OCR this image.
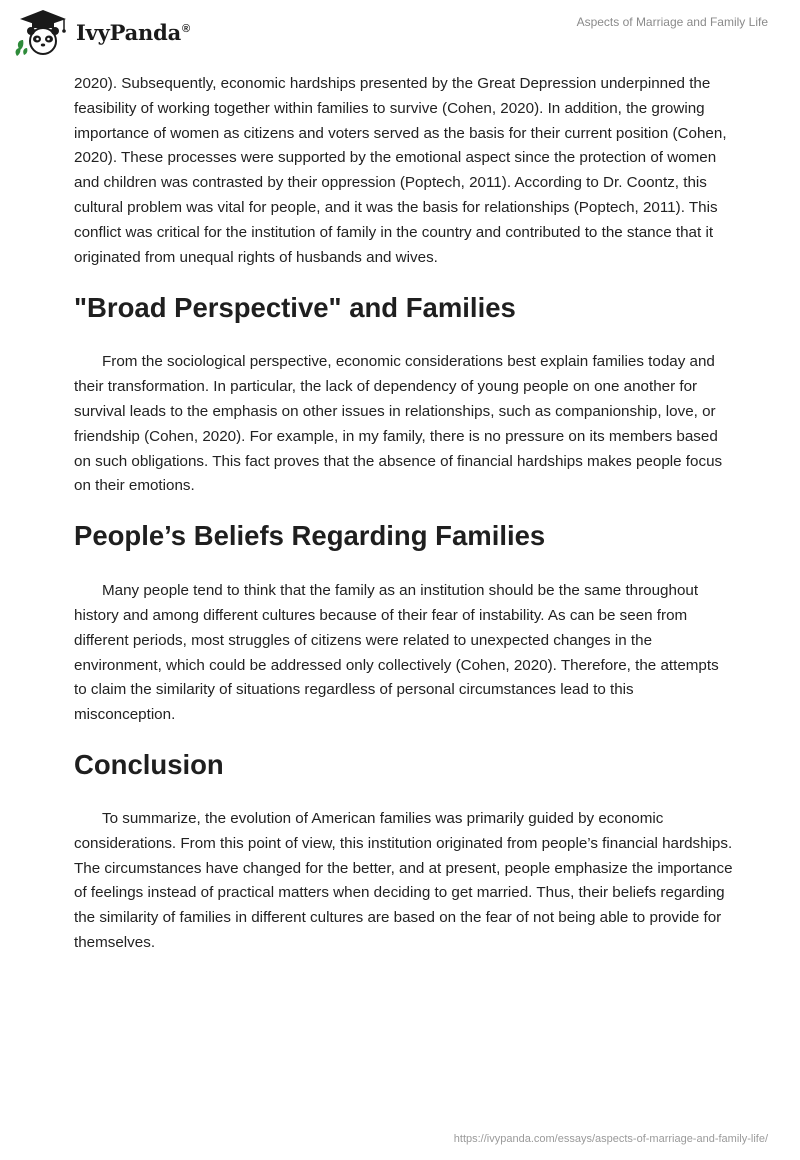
IvyPanda®	Aspects of Marriage and Family Life

2020). Subsequently, economic hardships presented by the Great Depression underpinned the feasibility of working together within families to survive (Cohen, 2020). In addition, the growing importance of women as citizens and voters served as the basis for their current position (Cohen, 2020). These processes were supported by the emotional aspect since the protection of women and children was contrasted by their oppression (Poptech, 2011). According to Dr. Coontz, this cultural problem was vital for people, and it was the basis for relationships (Poptech, 2011). This conflict was critical for the institution of family in the country and contributed to the stance that it originated from unequal rights of husbands and wives.

"Broad Perspective" and Families

From the sociological perspective, economic considerations best explain families today and their transformation. In particular, the lack of dependency of young people on one another for survival leads to the emphasis on other issues in relationships, such as companionship, love, or friendship (Cohen, 2020). For example, in my family, there is no pressure on its members based on such obligations. This fact proves that the absence of financial hardships makes people focus on their emotions.

People’s Beliefs Regarding Families

Many people tend to think that the family as an institution should be the same throughout history and among different cultures because of their fear of instability. As can be seen from different periods, most struggles of citizens were related to unexpected changes in the environment, which could be addressed only collectively (Cohen, 2020). Therefore, the attempts to claim the similarity of situations regardless of personal circumstances lead to this misconception.

Conclusion

To summarize, the evolution of American families was primarily guided by economic considerations. From this point of view, this institution originated from people’s financial hardships. The circumstances have changed for the better, and at present, people emphasize the importance of feelings instead of practical matters when deciding to get married. Thus, their beliefs regarding the similarity of families in different cultures are based on the fear of not being able to provide for themselves.

https://ivypanda.com/essays/aspects-of-marriage-and-family-life/
